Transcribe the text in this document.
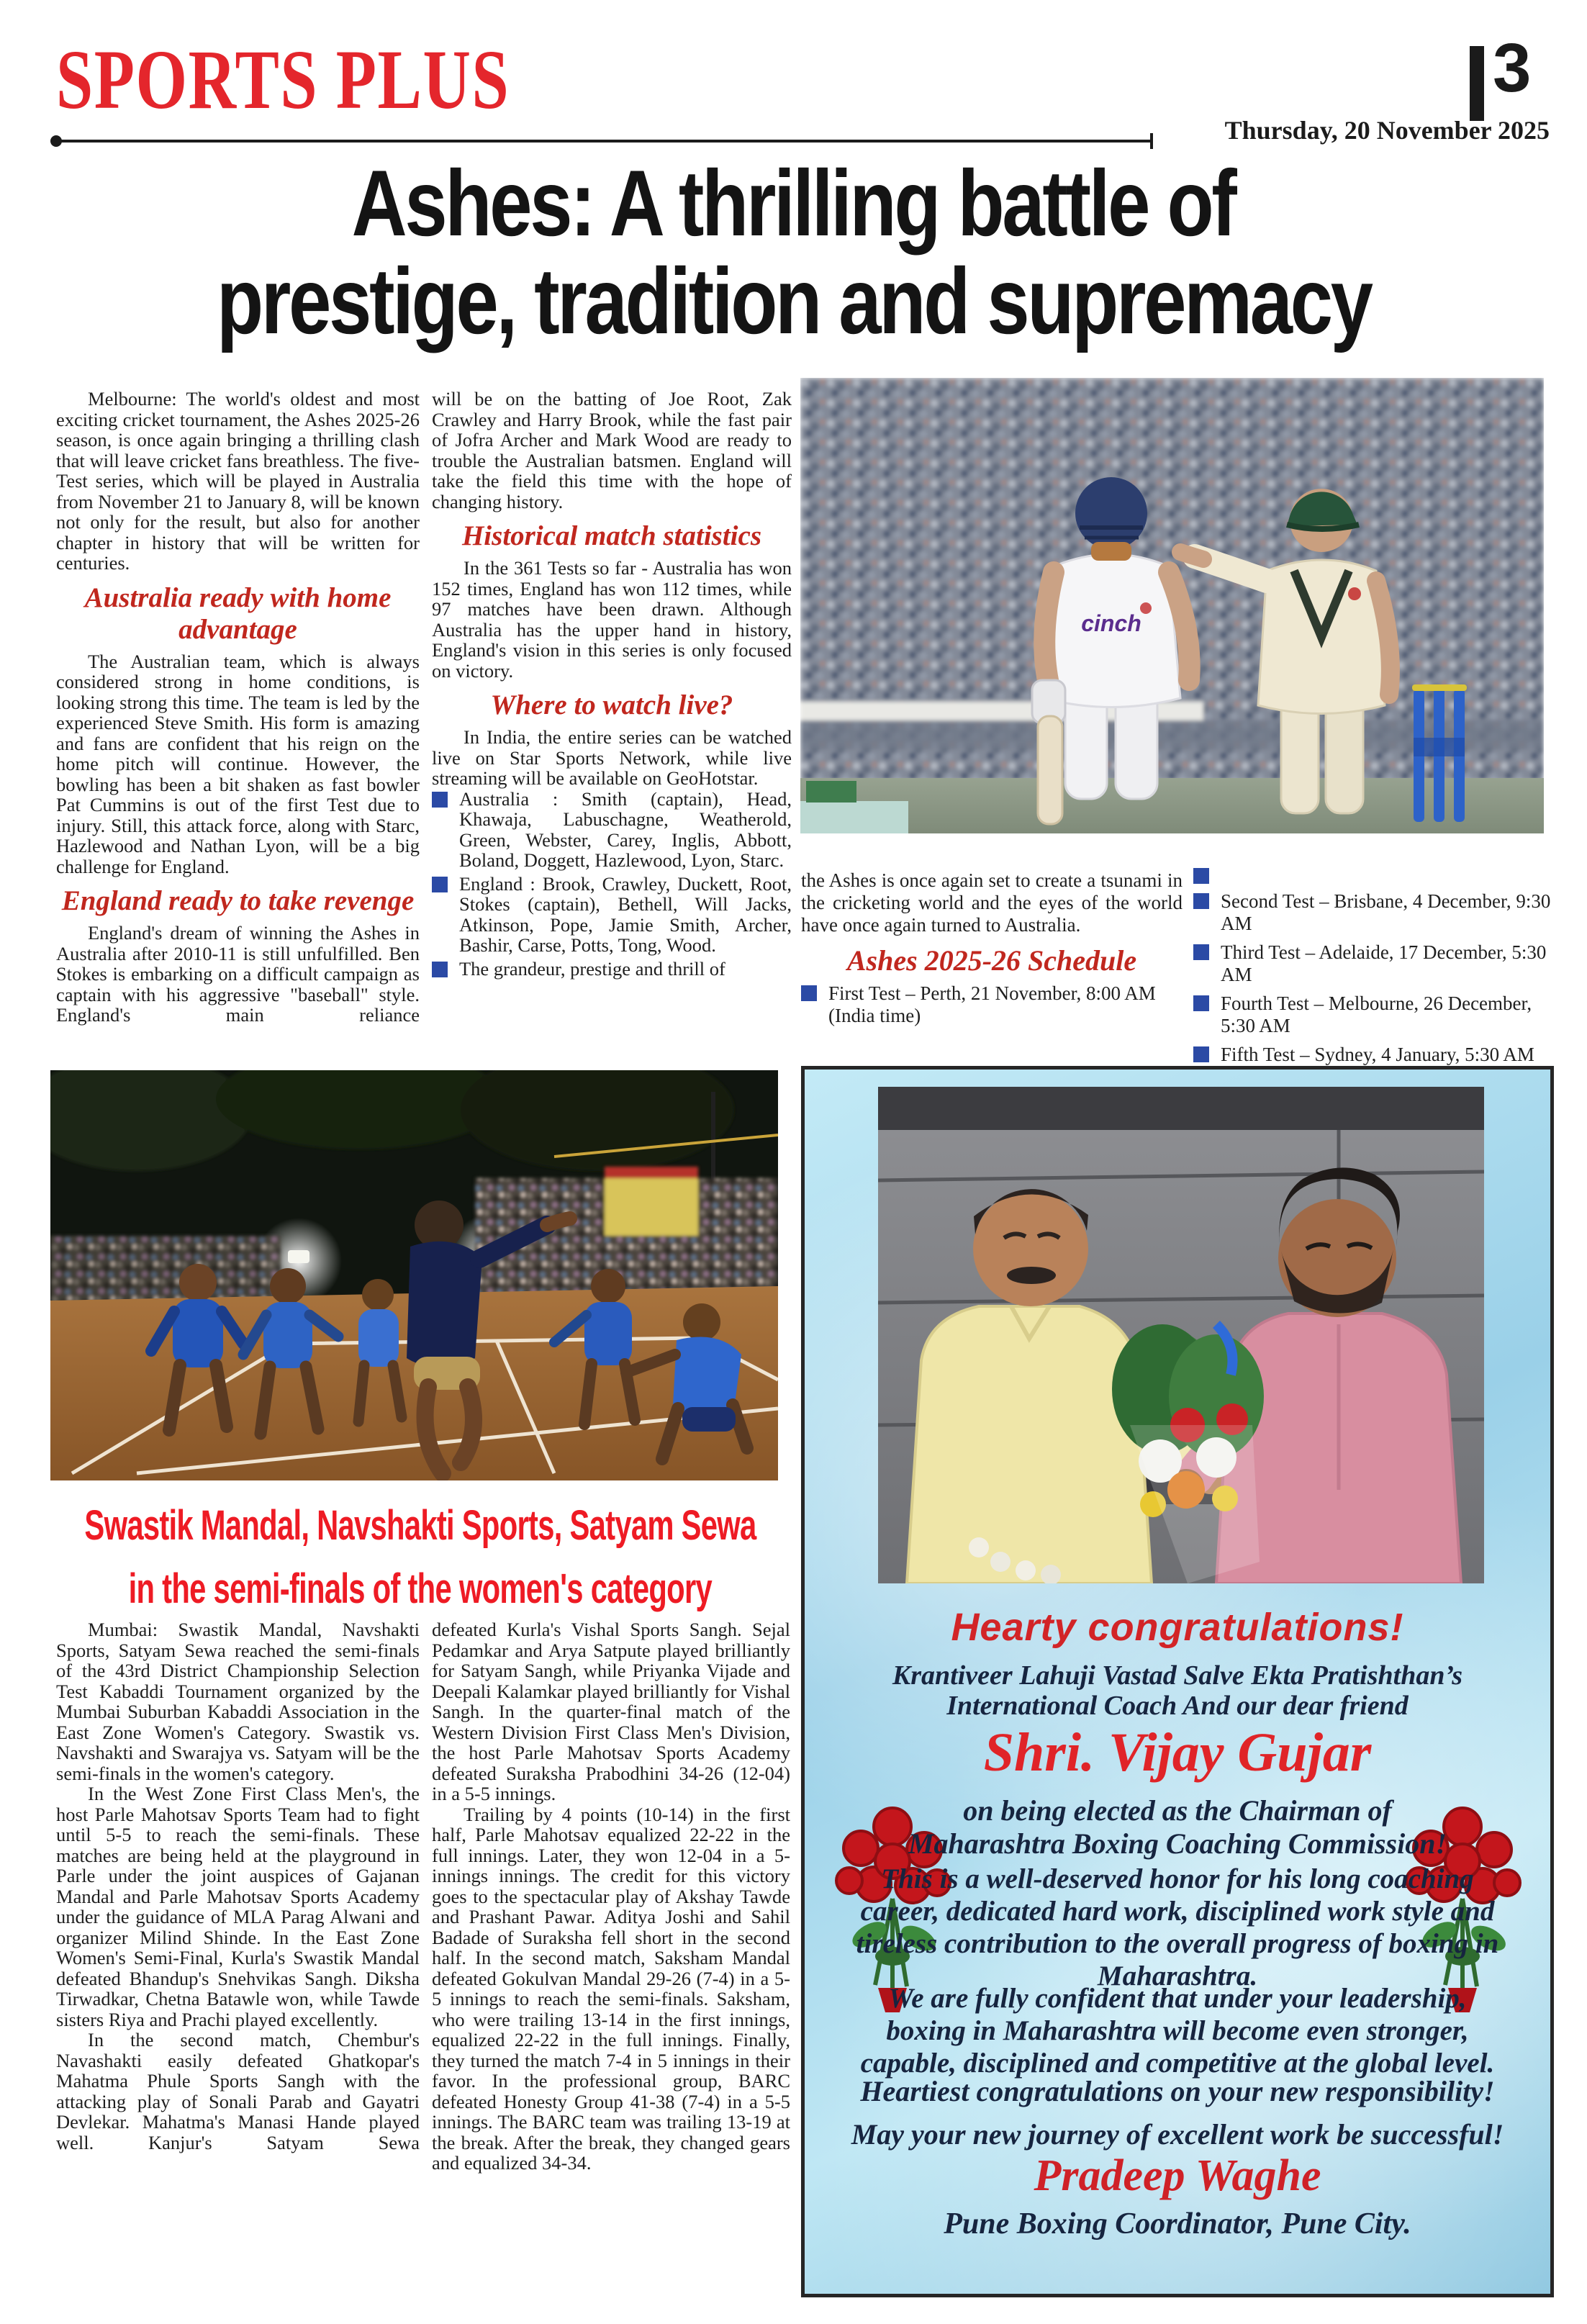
SPORTS PLUS	3
Thursday, 20 November 2025
Ashes: A thrilling battle of
prestige, tradition and supremacy

Melbourne: The world's oldest and most exciting cricket tournament, the Ashes 2025-26 season, is once again bringing a thrilling clash that will leave cricket fans breathless. The five-Test series, which will be played in Australia from November 21 to January 8, will be known not only for the result, but also for another chapter in history that will be written for centuries.

Australia ready with home advantage

The Australian team, which is always considered strong in home conditions, is looking strong this time. The team is led by the experienced Steve Smith. His form is amazing and fans are confident that his reign on the home pitch will continue. However, the bowling has been a bit shaken as fast bowler Pat Cummins is out of the first Test due to injury. Still, this attack force, along with Starc, Hazlewood and Nathan Lyon, will be a big challenge for England.

England ready to take revenge

England's dream of winning the Ashes in Australia after 2010-11 is still unfulfilled. Ben Stokes is embarking on a difficult campaign as captain with his aggressive "baseball" style. England's main reliance

will be on the batting of Joe Root, Zak Crawley and Harry Brook, while the fast pair of Jofra Archer and Mark Wood are ready to trouble the Australian batsmen. England will take the field this time with the hope of changing history.

Historical match statistics

In the 361 Tests so far - Australia has won 152 times, England has won 112 times, while 97 matches have been drawn. Although Australia has the upper hand in history, England's vision in this series is only focused on victory.

Where to watch live?

In India, the entire series can be watched live on Star Sports Network, while live streaming will be available on GeoHotstar.

Australia : Smith (captain), Head, Khawaja, Labuschagne, Weatherold, Green, Webster, Carey, Inglis, Abbott, Boland, Doggett, Hazlewood, Lyon, Starc.
England : Brook, Crawley, Duckett, Root, Stokes (captain), Bethell, Will Jacks, Atkinson, Pope, Jamie Smith, Archer, Bashir, Carse, Potts, Tong, Wood.
The grandeur, prestige and thrill of
cinch

the Ashes is once again set to create a tsunami in the cricketing world and the eyes of the world have once again turned to Australia.

Ashes 2025-26 Schedule
First Test – Perth, 21 November, 8:00 AM (India time)
Second Test – Brisbane, 4 December, 9:30 AM
Third Test – Adelaide, 17 December, 5:30 AM
Fourth Test – Melbourne, 26 December, 5:30 AM
Fifth Test – Sydney, 4 January, 5:30 AM
Swastik Mandal, Navshakti Sports, Satyam Sewa
in the semi-finals of the women's category

Mumbai: Swastik Mandal, Navshakti Sports, Satyam Sewa reached the semi-finals of the 43rd District Championship Selection Test Kabaddi Tournament organized by the Mumbai Suburban Kabaddi Association in the East Zone Women's Category. Swastik vs. Navshakti and Swarajya vs. Satyam will be the semi-finals in the women's category.

In the West Zone First Class Men's, the host Parle Mahotsav Sports Team had to fight until 5-5 to reach the semi-finals. These matches are being held at the playground in Parle under the joint auspices of Gajanan Mandal and Parle Mahotsav Sports Academy under the guidance of MLA Parag Alwani and organizer Milind Shinde. In the East Zone Women's Semi-Final, Kurla's Swastik Mandal defeated Bhandup's Snehvikas Sangh. Diksha Tirwadkar, Chetna Batawle won, while Tawde sisters Riya and Prachi played excellently.

In the second match, Chembur's Navashakti easily defeated Ghatkopar's Mahatma Phule Sports Sangh with the attacking play of Sonali Parab and Gayatri Devlekar. Mahatma's Manasi Hande played well. Kanjur's Satyam Sewa

defeated Kurla's Vishal Sports Sangh. Sejal Pedamkar and Arya Satpute played brilliantly for Satyam Sangh, while Priyanka Vijade and Deepali Kalamkar played brilliantly for Vishal Sangh. In the quarter-final match of the Western Division First Class Men's Division, the host Parle Mahotsav Sports Academy defeated Suraksha Prabodhini 34-26 (12-04) in a 5-5 innings.

Trailing by 4 points (10-14) in the first half, Parle Mahotsav equalized 22-22 in the full innings. Later, they won 12-04 in a 5-innings innings. The credit for this victory goes to the spectacular play of Akshay Tawde and Prashant Pawar. Aditya Joshi and Sahil Badade of Suraksha fell short in the second half. In the second match, Saksham Mandal defeated Gokulvan Mandal 29-26 (7-4) in a 5-5 innings to reach the semi-finals. Saksham, who were trailing 13-14 in the first innings, equalized 22-22 in the full innings. Finally, they turned the match 7-4 in 5 innings in their favor. In the professional group, BARC defeated Honesty Group 41-38 (7-4) in a 5-5 innings. The BARC team was trailing 13-19 at the break. After the break, they changed gears and equalized 34-34.

Hearty congratulations!
Krantiveer Lahuji Vastad Salve Ekta Pratishthan’s
International Coach And our dear friend
Shri. Vijay Gujar
on being elected as the Chairman of
Maharashtra Boxing Coaching Commission!
This is a well-deserved honor for his long coaching career, dedicated hard work, disciplined work style and tireless contribution to the overall progress of boxing in Maharashtra.
We are fully confident that under your leadership, boxing in Maharashtra will become even stronger, capable, disciplined and competitive at the global level.
Heartiest congratulations on your new responsibility!
May your new journey of excellent work be successful!
Pradeep Waghe
Pune Boxing Coordinator, Pune City.
